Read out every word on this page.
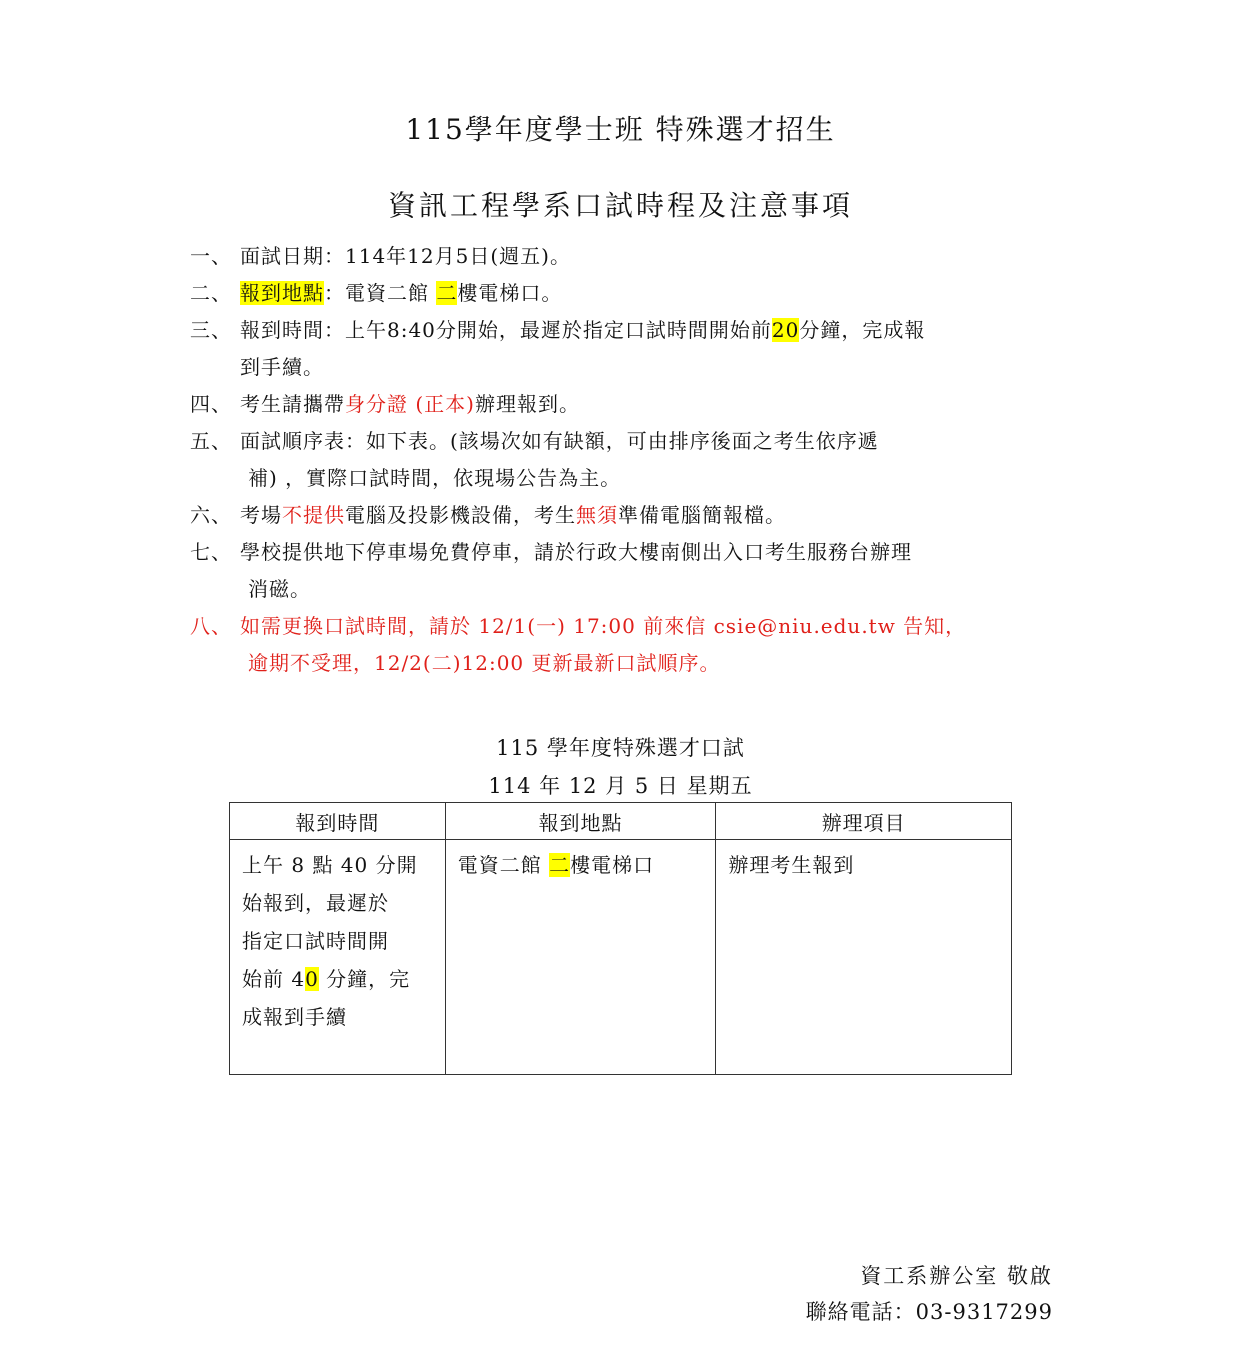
115學年度學士班 特殊選才招生
資訊工程學系口試時程及注意事項
一、 面試日期：114年12月5日(週五)。
二、 報到地點：電資二館 二樓電梯口。
三、 報到時間：上午8:40分開始，最遲於指定口試時間開始前20分鐘，完成報
到手續。
四、 考生請攜帶身分證 (正本)辦理報到。
五、 面試順序表：如下表。(該場次如有缺額，可由排序後面之考生依序遞
補) ，實際口試時間，依現場公告為主。
六、 考場不提供電腦及投影機設備，考生無須準備電腦簡報檔。
七、 學校提供地下停車場免費停車，請於行政大樓南側出入口考生服務台辦理
消磁。
八、 如需更換口試時間，請於 12/1(一) 17:00 前來信 csie@niu.edu.tw 告知，
逾期不受理，12/2(二)12:00 更新最新口試順序。
115 學年度特殊選才口試
114 年 12 月 5 日 星期五
報到時間	報到地點	辦理項目

上午 8 點 40 分開
始報到，最遲於
指定口試時間開
始前 40 分鐘，完
成報到手續	電資二館 二樓電梯口	辦理考生報到
資工系辦公室 敬啟
聯絡電話：03-9317299
